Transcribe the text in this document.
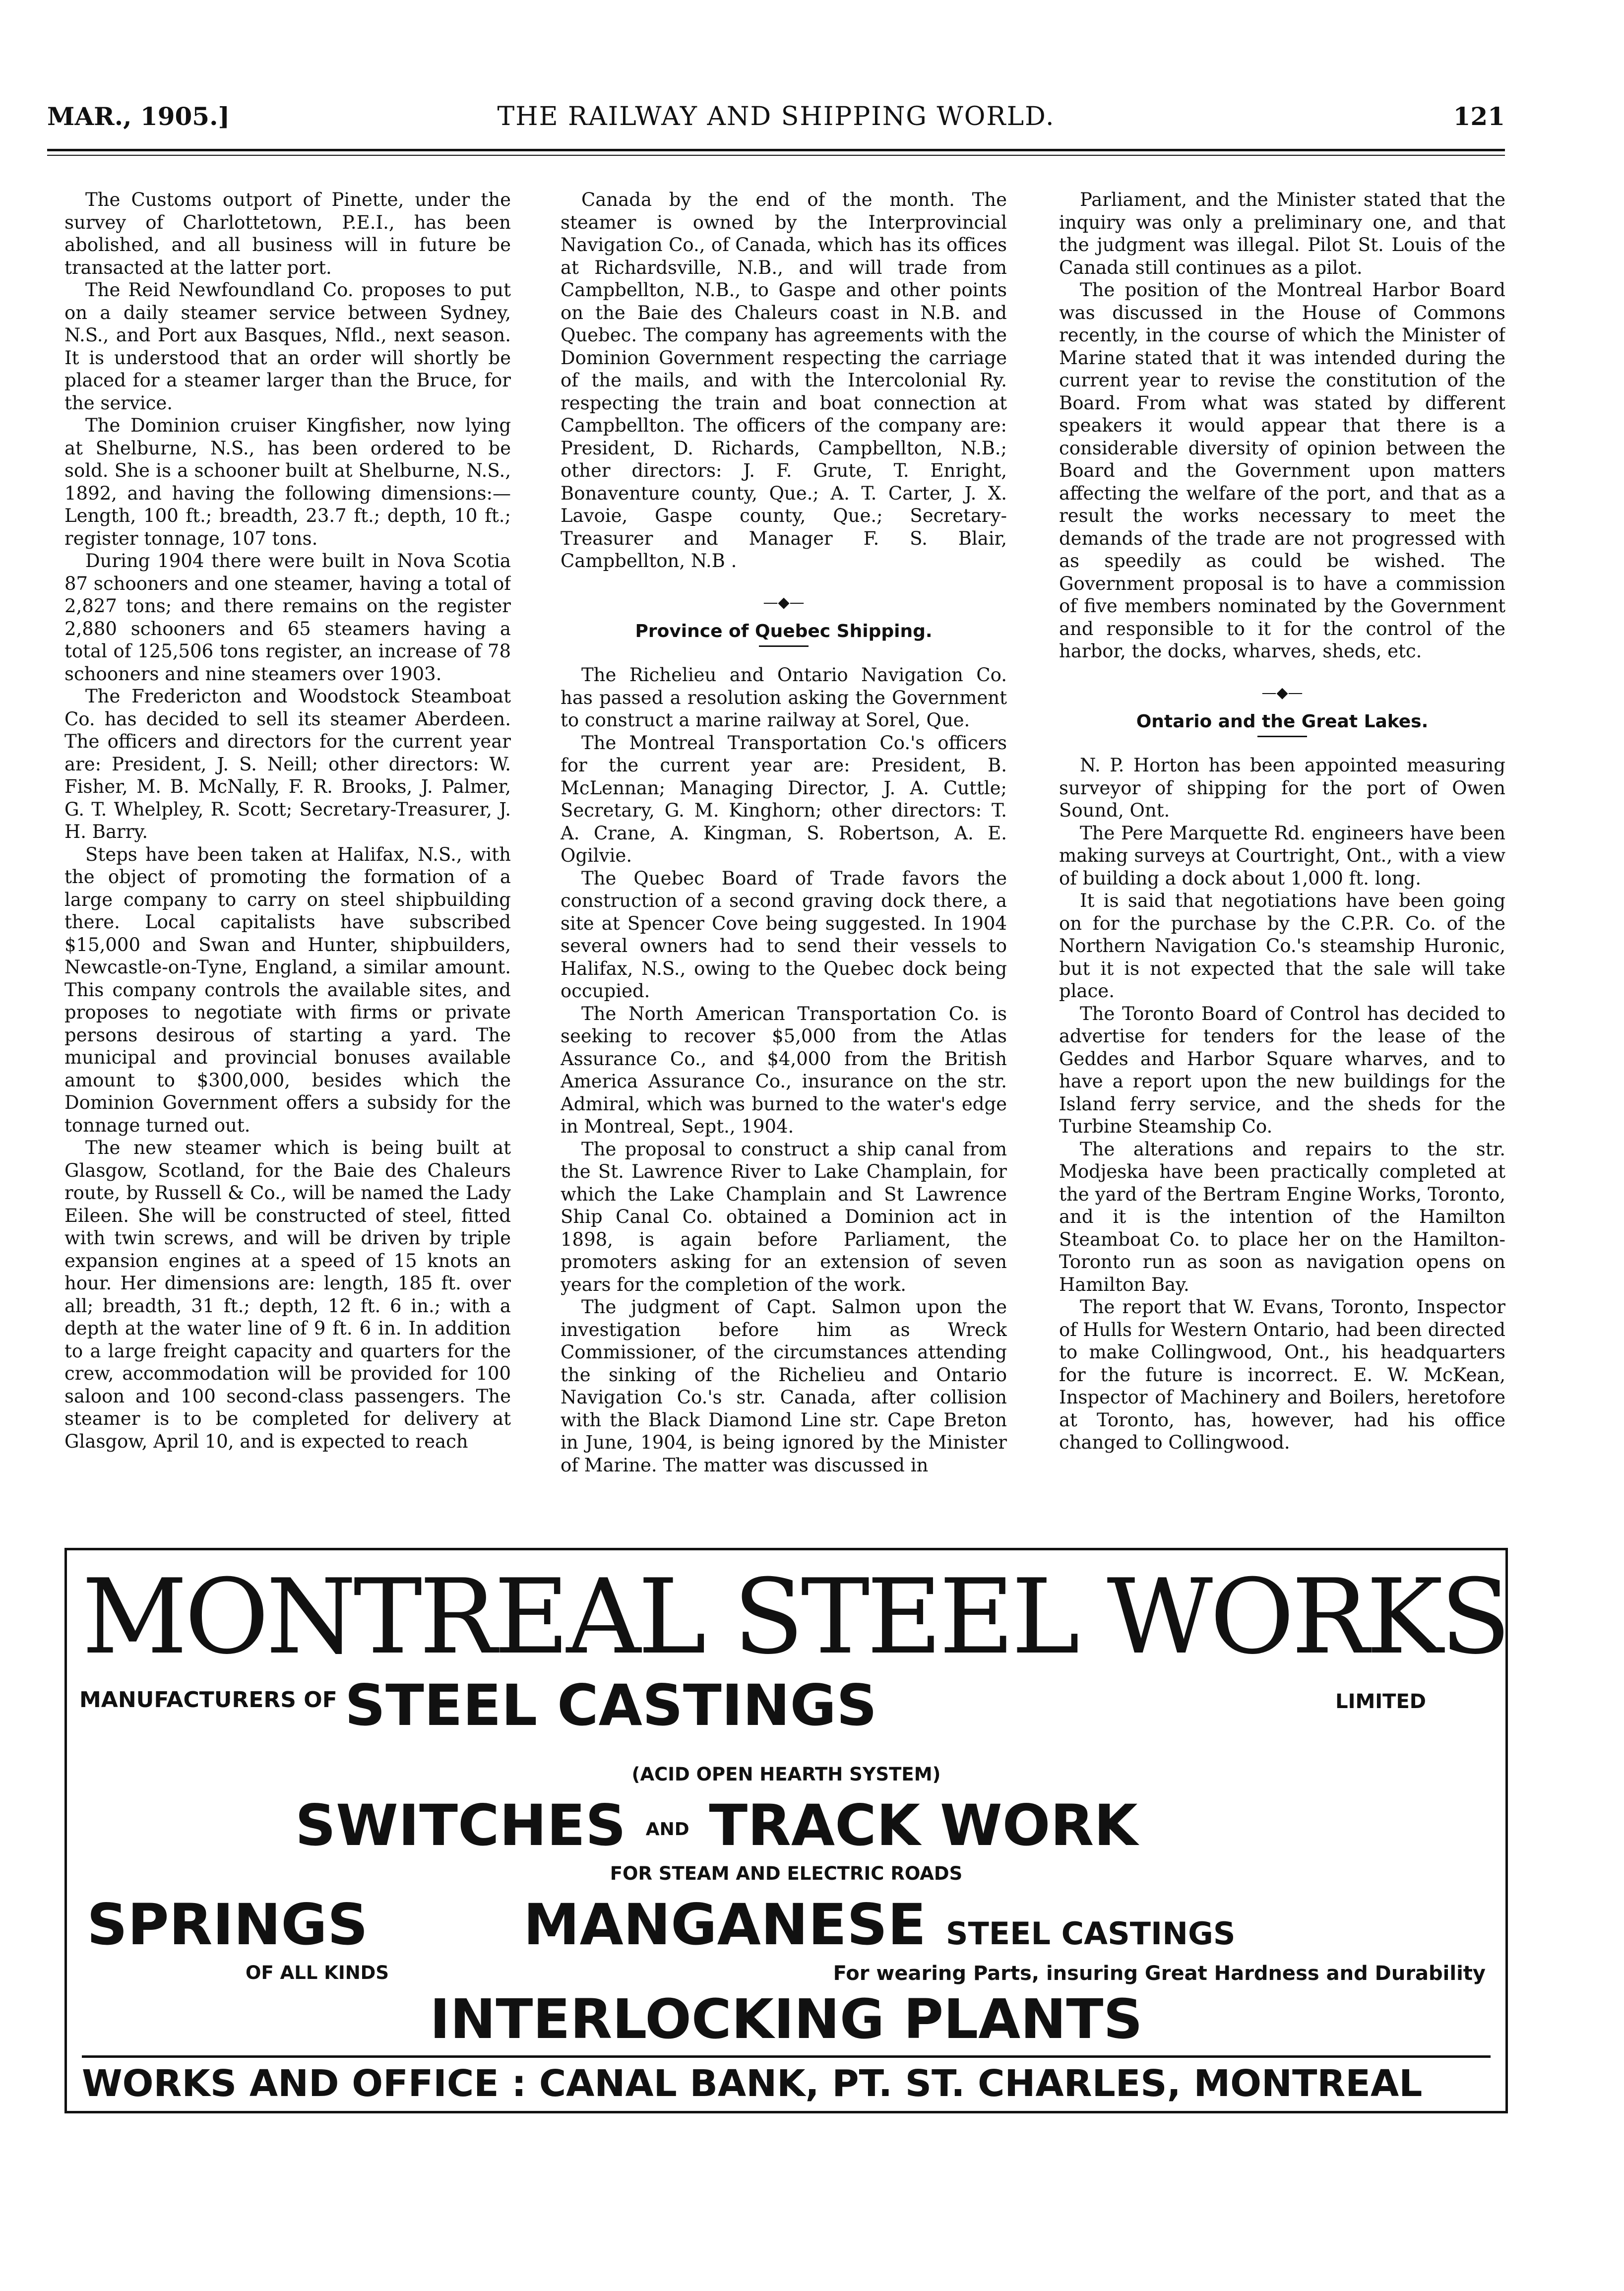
MAR., 1905.]	THE RAILWAY AND SHIPPING WORLD.	121

The Customs outport of Pinette, under the survey of Charlottetown, P.E.I., has been abolished, and all business will in future be transacted at the latter port.

The Reid Newfoundland Co. proposes to put on a daily steamer service between Sydney, N.S., and Port aux Basques, Nfld., next season. It is understood that an order will shortly be placed for a steamer larger than the Bruce, for the service.

The Dominion cruiser Kingfisher, now lying at Shelburne, N.S., has been ordered to be sold. She is a schooner built at Shelburne, N.S., 1892, and having the following dimensions:—Length, 100 ft.; breadth, 23.7 ft.; depth, 10 ft.; register tonnage, 107 tons.

During 1904 there were built in Nova Scotia 87 schooners and one steamer, having a total of 2,827 tons; and there remains on the register 2,880 schooners and 65 steamers having a total of 125,506 tons register, an increase of 78 schooners and nine steamers over 1903.

The Fredericton and Woodstock Steamboat Co. has decided to sell its steamer Aberdeen. The officers and directors for the current year are: President, J. S. Neill; other directors: W. Fisher, M. B. McNally, F. R. Brooks, J. Palmer, G. T. Whelpley, R. Scott; Secretary-Treasurer, J. H. Barry.

Steps have been taken at Halifax, N.S., with the object of promoting the formation of a large company to carry on steel shipbuilding there. Local capitalists have subscribed $15,000 and Swan and Hunter, shipbuilders, Newcastle-on-Tyne, England, a similar amount. This company controls the available sites, and proposes to negotiate with firms or private persons desirous of starting a yard. The municipal and provincial bonuses available amount to $300,000, besides which the Dominion Government offers a subsidy for the tonnage turned out.

The new steamer which is being built at Glasgow, Scotland, for the Baie des Chaleurs route, by Russell & Co., will be named the Lady Eileen. She will be constructed of steel, fitted with twin screws, and will be driven by triple expansion engines at a speed of 15 knots an hour. Her dimensions are: length, 185 ft. over all; breadth, 31 ft.; depth, 12 ft. 6 in.; with a depth at the water line of 9 ft. 6 in. In addition to a large freight capacity and quarters for the crew, accommodation will be provided for 100 saloon and 100 second-class passengers. The steamer is to be completed for delivery at Glasgow, April 10, and is expected to reach

Canada by the end of the month. The steamer is owned by the Interprovincial Navigation Co., of Canada, which has its offices at Richardsville, N.B., and will trade from Campbellton, N.B., to Gaspe and other points on the Baie des Chaleurs coast in N.B. and Quebec. The company has agreements with the Dominion Government respecting the carriage of the mails, and with the Intercolonial Ry. respecting the train and boat connection at Campbellton. The officers of the company are: President, D. Richards, Campbellton, N.B.; other directors: J. F. Grute, T. Enright, Bonaventure county, Que.; A. T. Carter, J. X. Lavoie, Gaspe county, Que.; Secretary-Treasurer and Manager F. S. Blair, Campbellton, N.B .

—◆—
Province of Quebec Shipping.

The Richelieu and Ontario Navigation Co. has passed a resolution asking the Government to construct a marine railway at Sorel, Que.

The Montreal Transportation Co.'s officers for the current year are: President, B. McLennan; Managing Director, J. A. Cuttle; Secretary, G. M. Kinghorn; other directors: T. A. Crane, A. Kingman, S. Robertson, A. E. Ogilvie.

The Quebec Board of Trade favors the construction of a second graving dock there, a site at Spencer Cove being suggested. In 1904 several owners had to send their vessels to Halifax, N.S., owing to the Quebec dock being occupied.

The North American Transportation Co. is seeking to recover $5,000 from the Atlas Assurance Co., and $4,000 from the British America Assurance Co., insurance on the str. Admiral, which was burned to the water's edge in Montreal, Sept., 1904.

The proposal to construct a ship canal from the St. Lawrence River to Lake Champlain, for which the Lake Champlain and St Lawrence Ship Canal Co. obtained a Dominion act in 1898, is again before Parliament, the promoters asking for an extension of seven years for the completion of the work.

The judgment of Capt. Salmon upon the investigation before him as Wreck Commissioner, of the circumstances attending the sinking of the Richelieu and Ontario Navigation Co.'s str. Canada, after collision with the Black Diamond Line str. Cape Breton in June, 1904, is being ignored by the Minister of Marine. The matter was discussed in

Parliament, and the Minister stated that the inquiry was only a preliminary one, and that the judgment was illegal. Pilot St. Louis of the Canada still continues as a pilot.

The position of the Montreal Harbor Board was discussed in the House of Commons recently, in the course of which the Minister of Marine stated that it was intended during the current year to revise the constitution of the Board. From what was stated by different speakers it would appear that there is a considerable diversity of opinion between the Board and the Government upon matters affecting the welfare of the port, and that as a result the works necessary to meet the demands of the trade are not progressed with as speedily as could be wished. The Government proposal is to have a commission of five members nominated by the Government and responsible to it for the control of the harbor, the docks, wharves, sheds, etc.

—◆—
Ontario and the Great Lakes.

N. P. Horton has been appointed measuring surveyor of shipping for the port of Owen Sound, Ont.

The Pere Marquette Rd. engineers have been making surveys at Courtright, Ont., with a view of building a dock about 1,000 ft. long.

It is said that negotiations have been going on for the purchase by the C.P.R. Co. of the Northern Navigation Co.'s steamship Huronic, but it is not expected that the sale will take place.

The Toronto Board of Control has decided to advertise for tenders for the lease of the Geddes and Harbor Square wharves, and to have a report upon the new buildings for the Island ferry service, and the sheds for the Turbine Steamship Co.

The alterations and repairs to the str. Modjeska have been practically completed at the yard of the Bertram Engine Works, Toronto, and it is the intention of the Hamilton Steamboat Co. to place her on the Hamilton-Toronto run as soon as navigation opens on Hamilton Bay.

The report that W. Evans, Toronto, Inspector of Hulls for Western Ontario, had been directed to make Collingwood, Ont., his headquarters for the future is incorrect. E. W. McKean, Inspector of Machinery and Boilers, heretofore at Toronto, has, however, had his office changed to Collingwood.

MONTREAL STEEL WORKS
MANUFACTURERS OF STEEL CASTINGS	LIMITED
(ACID OPEN HEARTH SYSTEM)
SWITCHES AND TRACK WORK
FOR STEAM AND ELECTRIC ROADS
SPRINGS
OF ALL KINDS
MANGANESE STEEL CASTINGS
For wearing Parts, insuring Great Hardness and Durability
INTERLOCKING PLANTS
WORKS AND OFFICE : CANAL BANK, PT. ST. CHARLES, MONTREAL
